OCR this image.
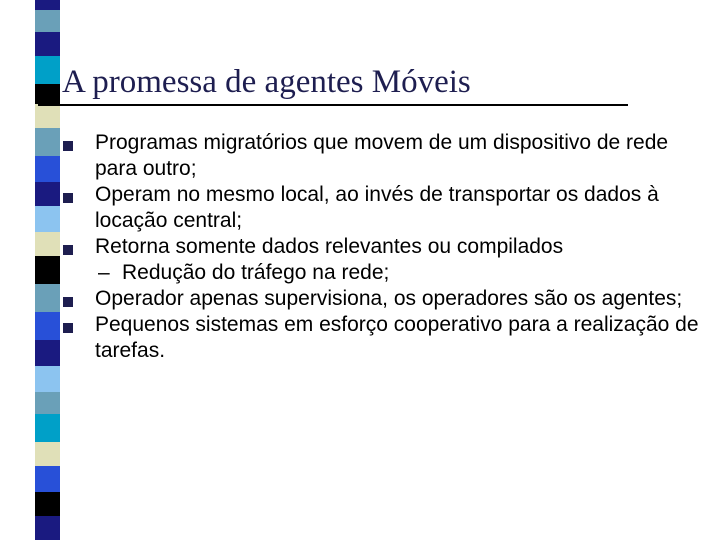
A promessa de agentes Móveis
Programas migratórios que movem de um dispositivo de rede para outro;
Operam no mesmo local, ao invés de transportar os dados à locação central;
Retorna somente dados relevantes ou compilados
– Redução do tráfego na rede;
Operador apenas supervisiona, os operadores são os agentes;
Pequenos sistemas em esforço cooperativo para a realização de tarefas.
